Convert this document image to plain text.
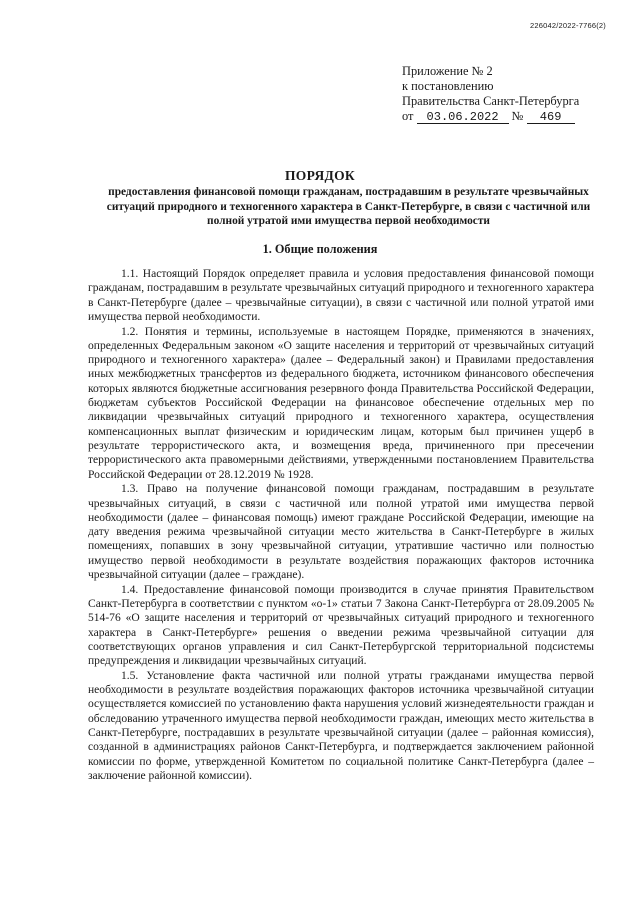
226042/2022-7766(2)
Приложение № 2
к постановлению
Правительства Санкт-Петербурга
от 03.06.2022 № 469
ПОРЯДОК
предоставления финансовой помощи гражданам, пострадавшим в результате чрезвычайных ситуаций природного и техногенного характера в Санкт-Петербурге, в связи с частичной или полной утратой ими имущества первой необходимости
1. Общие положения

1.1. Настоящий Порядок определяет правила и условия предоставления финансовой помощи гражданам, пострадавшим в результате чрезвычайных ситуаций природного и техногенного характера в Санкт-Петербурге (далее – чрезвычайные ситуации), в связи с частичной или полной утратой ими имущества первой необходимости.

1.2. Понятия и термины, используемые в настоящем Порядке, применяются в значениях, определенных Федеральным законом «О защите населения и территорий от чрезвычайных ситуаций природного и техногенного характера» (далее – Федеральный закон) и Правилами предоставления иных межбюджетных трансфертов из федерального бюджета, источником финансового обеспечения которых являются бюджетные ассигнования резервного фонда Правительства Российской Федерации, бюджетам субъектов Российской Федерации на финансовое обеспечение отдельных мер по ликвидации чрезвычайных ситуаций природного и техногенного характера, осуществления компенсационных выплат физическим и юридическим лицам, которым был причинен ущерб в результате террористического акта, и возмещения вреда, причиненного при пресечении террористического акта правомерными действиями, утвержденными постановлением Правительства Российской Федерации от 28.12.2019 № 1928.

1.3. Право на получение финансовой помощи гражданам, пострадавшим в результате чрезвычайных ситуаций, в связи с частичной или полной утратой ими имущества первой необходимости (далее – финансовая помощь) имеют граждане Российской Федерации, имеющие на дату введения режима чрезвычайной ситуации место жительства в Санкт-Петербурге в жилых помещениях, попавших в зону чрезвычайной ситуации, утратившие частично или полностью имущество первой необходимости в результате воздействия поражающих факторов источника чрезвычайной ситуации (далее – граждане).

1.4. Предоставление финансовой помощи производится в случае принятия Правительством Санкт-Петербурга в соответствии с пунктом «о-1» статьи 7 Закона Санкт-Петербурга от 28.09.2005 № 514-76 «О защите населения и территорий от чрезвычайных ситуаций природного и техногенного характера в Санкт-Петербурге» решения о введении режима чрезвычайной ситуации для соответствующих органов управления и сил Санкт-Петербургской территориальной подсистемы предупреждения и ликвидации чрезвычайных ситуаций.

1.5. Установление факта частичной или полной утраты гражданами имущества первой необходимости в результате воздействия поражающих факторов источника чрезвычайной ситуации осуществляется комиссией по установлению факта нарушения условий жизнедеятельности граждан и обследованию утраченного имущества первой необходимости граждан, имеющих место жительства в Санкт-Петербурге, пострадавших в результате чрезвычайной ситуации (далее – районная комиссия), созданной в администрациях районов Санкт-Петербурга, и подтверждается заключением районной комиссии по форме, утвержденной Комитетом по социальной политике Санкт-Петербурга (далее – заключение районной комиссии).
